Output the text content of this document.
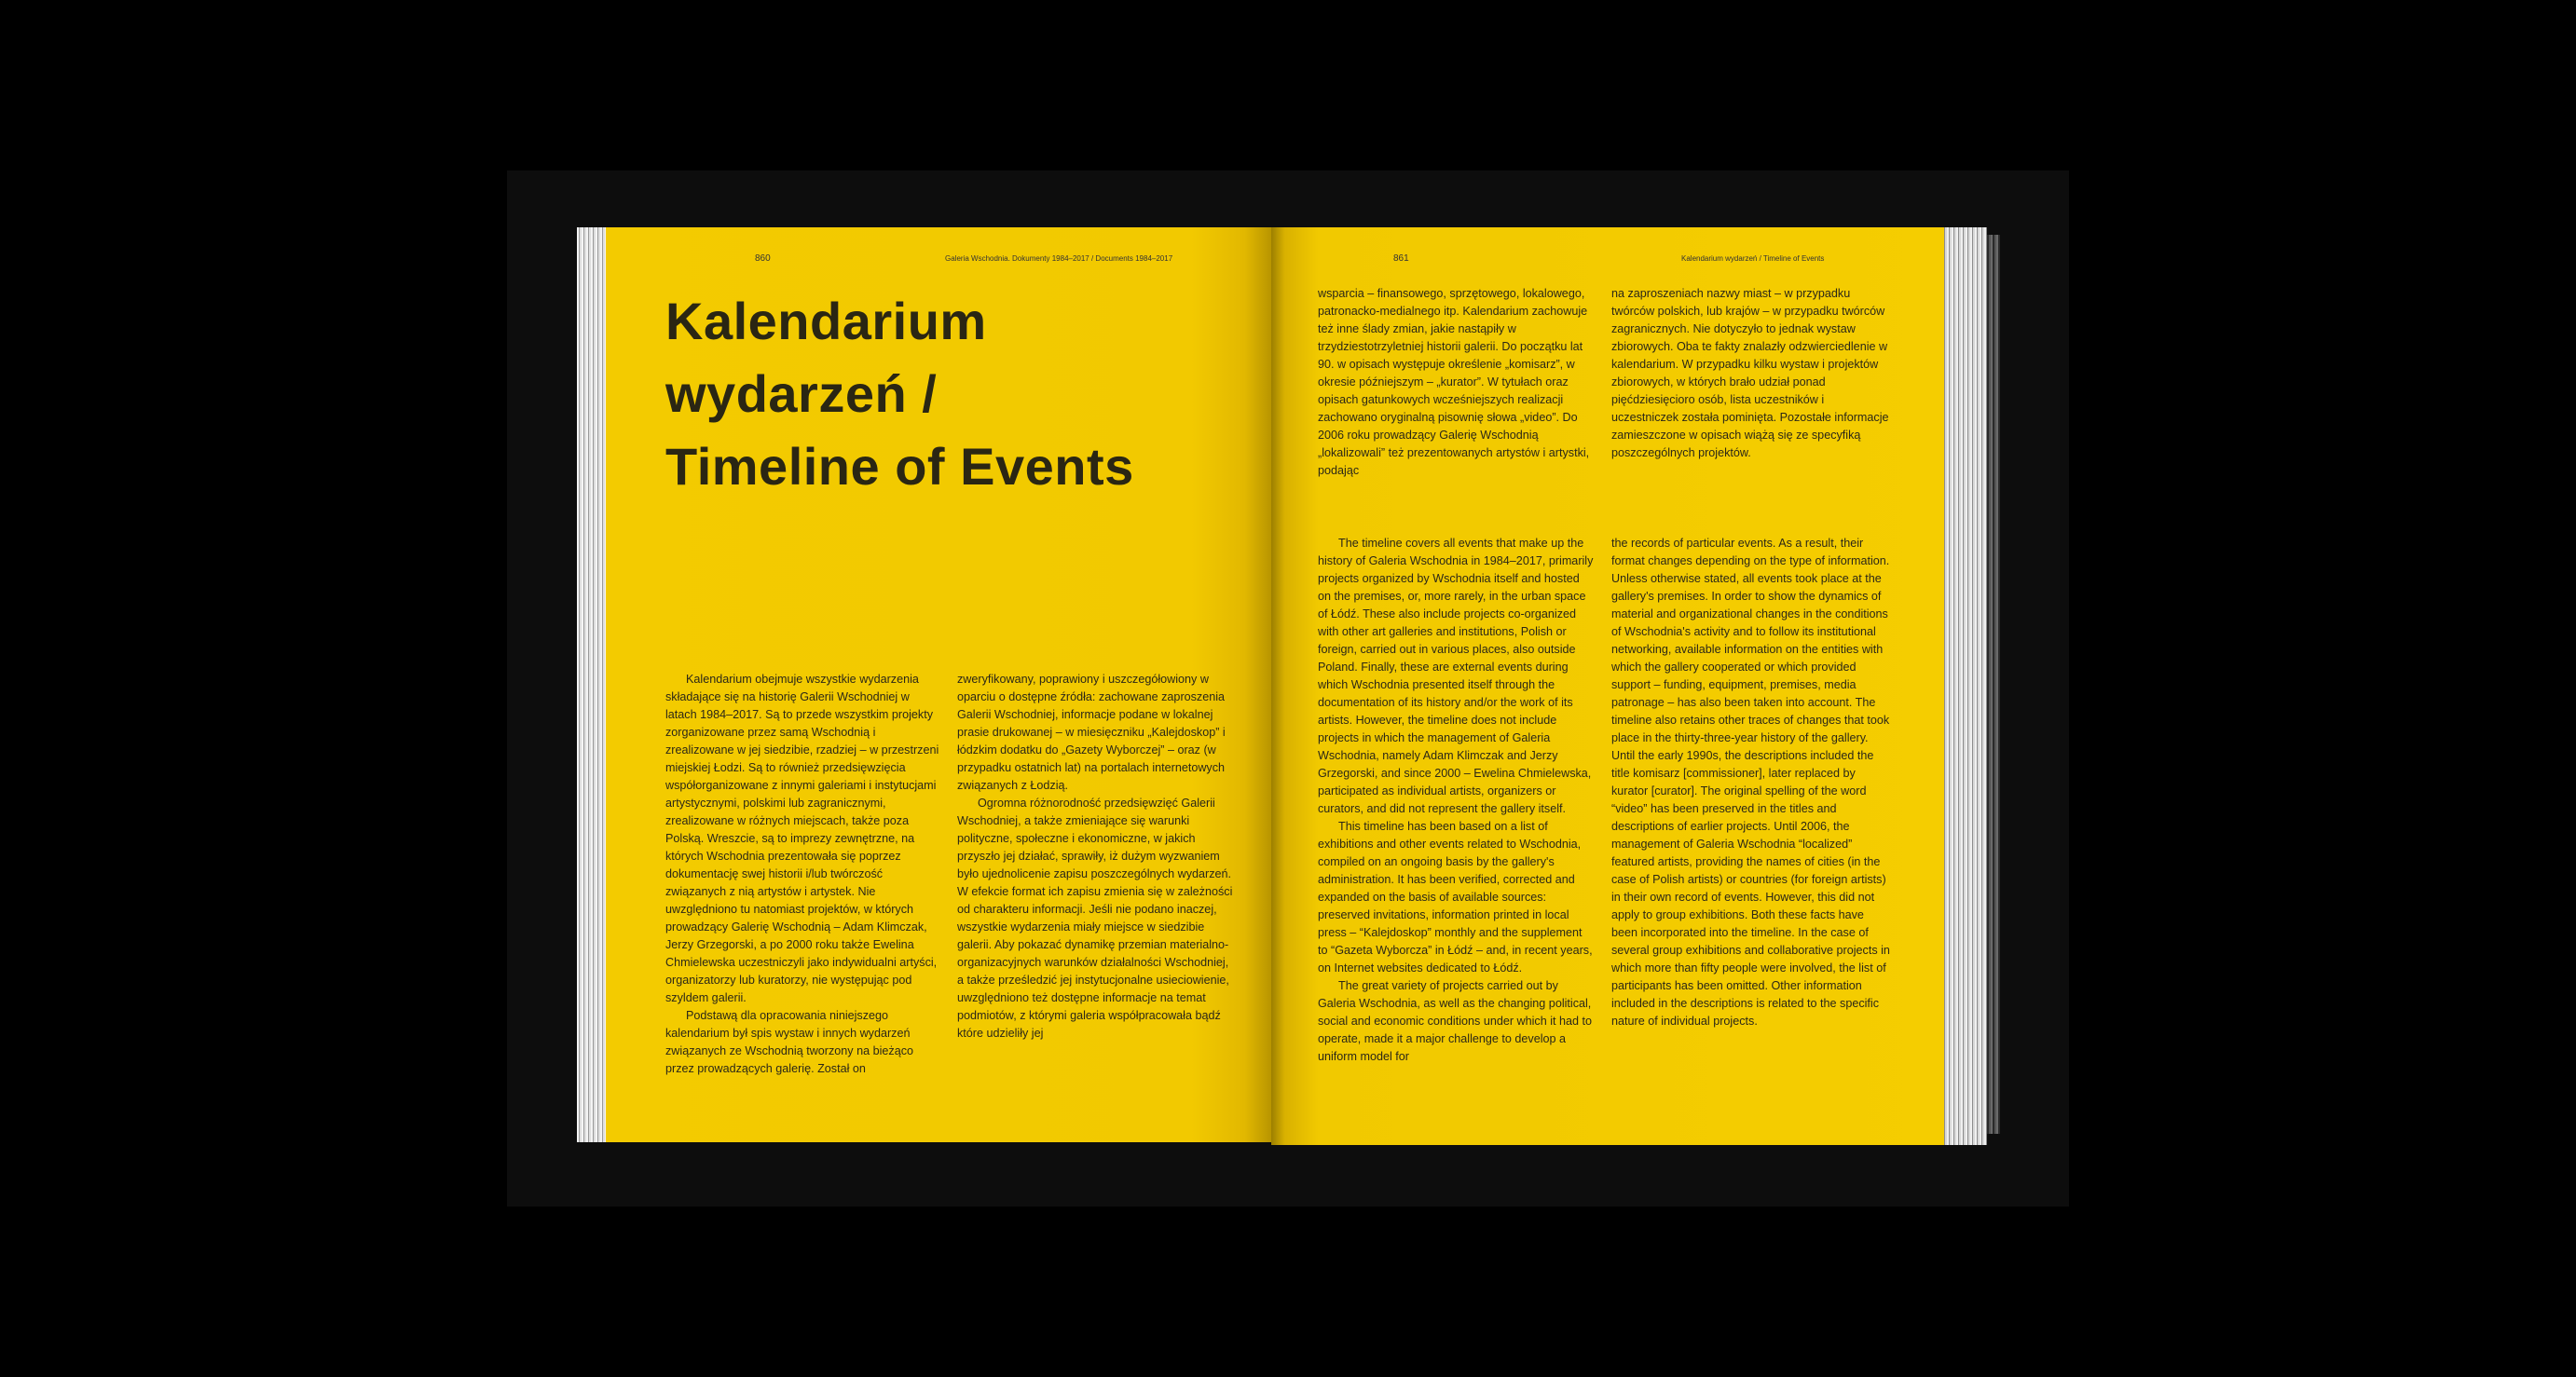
860	Galeria Wschodnia. Dokumenty 1984–2017 / Documents 1984–2017
Kalendarium
wydarzeń /
Timeline of Events

Kalendarium obejmuje wszystkie wydarzenia składające się na historię Galerii Wschodniej w latach 1984–2017. Są to przede wszystkim projekty zorganizowane przez samą Wschodnią i zrealizowane w jej siedzibie, rzadziej – w przestrzeni miejskiej Łodzi. Są to również przedsięwzięcia współorganizowane z innymi galeriami i instytucjami artystycznymi, polskimi lub zagranicznymi, zrealizowane w różnych miejscach, także poza Polską. Wreszcie, są to imprezy zewnętrzne, na których Wschodnia prezentowała się poprzez dokumentację swej historii i/lub twórczość związanych z nią artystów i artystek. Nie uwzględniono tu natomiast projektów, w których prowadzący Galerię Wschodnią – Adam Klimczak, Jerzy Grzegorski, a po 2000 roku także Ewelina Chmielewska uczestniczyli jako indywidualni artyści, organizatorzy lub kuratorzy, nie występując pod szyldem galerii.

Podstawą dla opracowania niniejszego kalendarium był spis wystaw i innych wydarzeń związanych ze Wschodnią tworzony na bieżąco przez prowadzących galerię. Został on

zweryfikowany, poprawiony i uszczegółowiony w oparciu o dostępne źródła: zachowane zaproszenia Galerii Wschodniej, informacje podane w lokalnej prasie drukowanej – w miesięczniku „Kalejdoskop” i łódzkim dodatku do „Gazety Wyborczej” – oraz (w przypadku ostatnich lat) na portalach internetowych związanych z Łodzią.

Ogromna różnorodność przedsięwzięć Galerii Wschodniej, a także zmieniające się warunki polityczne, społeczne i ekonomiczne, w jakich przyszło jej działać, sprawiły, iż dużym wyzwaniem było ujednolicenie zapisu poszczególnych wydarzeń. W efekcie format ich zapisu zmienia się w zależności od charakteru informacji. Jeśli nie podano inaczej, wszystkie wydarzenia miały miejsce w siedzibie galerii. Aby pokazać dynamikę przemian materialno-organizacyjnych warunków działalności Wschodniej, a także prześledzić jej instytucjonalne usieciowienie, uwzględniono też dostępne informacje na temat podmiotów, z którymi galeria współpracowała bądź które udzieliły jej

861	Kalendarium wydarzeń / Timeline of Events

wsparcia – finansowego, sprzętowego, lokalowego, patronacko-medialnego itp. Kalendarium zachowuje też inne ślady zmian, jakie nastąpiły w trzydziestotrzyletniej historii galerii. Do początku lat 90. w opisach występuje określenie „komisarz”, w okresie późniejszym – „kurator”. W tytułach oraz opisach gatunkowych wcześniejszych realizacji zachowano oryginalną pisownię słowa „video”. Do 2006 roku prowadzący Galerię Wschodnią „lokalizowali” też prezentowanych artystów i artystki, podając

na zaproszeniach nazwy miast – w przypadku twórców polskich, lub krajów – w przypadku twórców zagranicznych. Nie dotyczyło to jednak wystaw zbiorowych. Oba te fakty znalazły odzwierciedlenie w kalendarium. W przypadku kilku wystaw i projektów zbiorowych, w których brało udział ponad pięćdziesięcioro osób, lista uczestników i uczestniczek została pominięta. Pozostałe informacje zamieszczone w opisach wiążą się ze specyfiką poszczególnych projektów.

The timeline covers all events that make up the history of Galeria Wschodnia in 1984–2017, primarily projects organized by Wschodnia itself and hosted on the premises, or, more rarely, in the urban space of Łódź. These also include projects co-organized with other art galleries and institutions, Polish or foreign, carried out in various places, also outside Poland. Finally, these are external events during which Wschodnia presented itself through the documentation of its history and/or the work of its artists. However, the timeline does not include projects in which the management of Galeria Wschodnia, namely Adam Klimczak and Jerzy Grzegorski, and since 2000 – Ewelina Chmielewska, participated as individual artists, organizers or curators, and did not represent the gallery itself.

This timeline has been based on a list of exhibitions and other events related to Wschodnia, compiled on an ongoing basis by the gallery's administration. It has been verified, corrected and expanded on the basis of available sources: preserved invitations, information printed in local press – “Kalejdoskop” monthly and the supplement to “Gazeta Wyborcza” in Łódź – and, in recent years, on Internet websites dedicated to Łódź.

The great variety of projects carried out by Galeria Wschodnia, as well as the changing political, social and economic conditions under which it had to operate, made it a major challenge to develop a uniform model for

the records of particular events. As a result, their format changes depending on the type of information. Unless otherwise stated, all events took place at the gallery's premises. In order to show the dynamics of material and organizational changes in the conditions of Wschodnia's activity and to follow its institutional networking, available information on the entities with which the gallery cooperated or which provided support – funding, equipment, premises, media patronage – has also been taken into account. The timeline also retains other traces of changes that took place in the thirty-three-year history of the gallery. Until the early 1990s, the descriptions included the title komisarz [commissioner], later replaced by kurator [curator]. The original spelling of the word “video” has been preserved in the titles and descriptions of earlier projects. Until 2006, the management of Galeria Wschodnia “localized” featured artists, providing the names of cities (in the case of Polish artists) or countries (for foreign artists) in their own record of events. However, this did not apply to group exhibitions. Both these facts have been incorporated into the timeline. In the case of several group exhibitions and collaborative projects in which more than fifty people were involved, the list of participants has been omitted. Other information included in the descriptions is related to the specific nature of individual projects.
